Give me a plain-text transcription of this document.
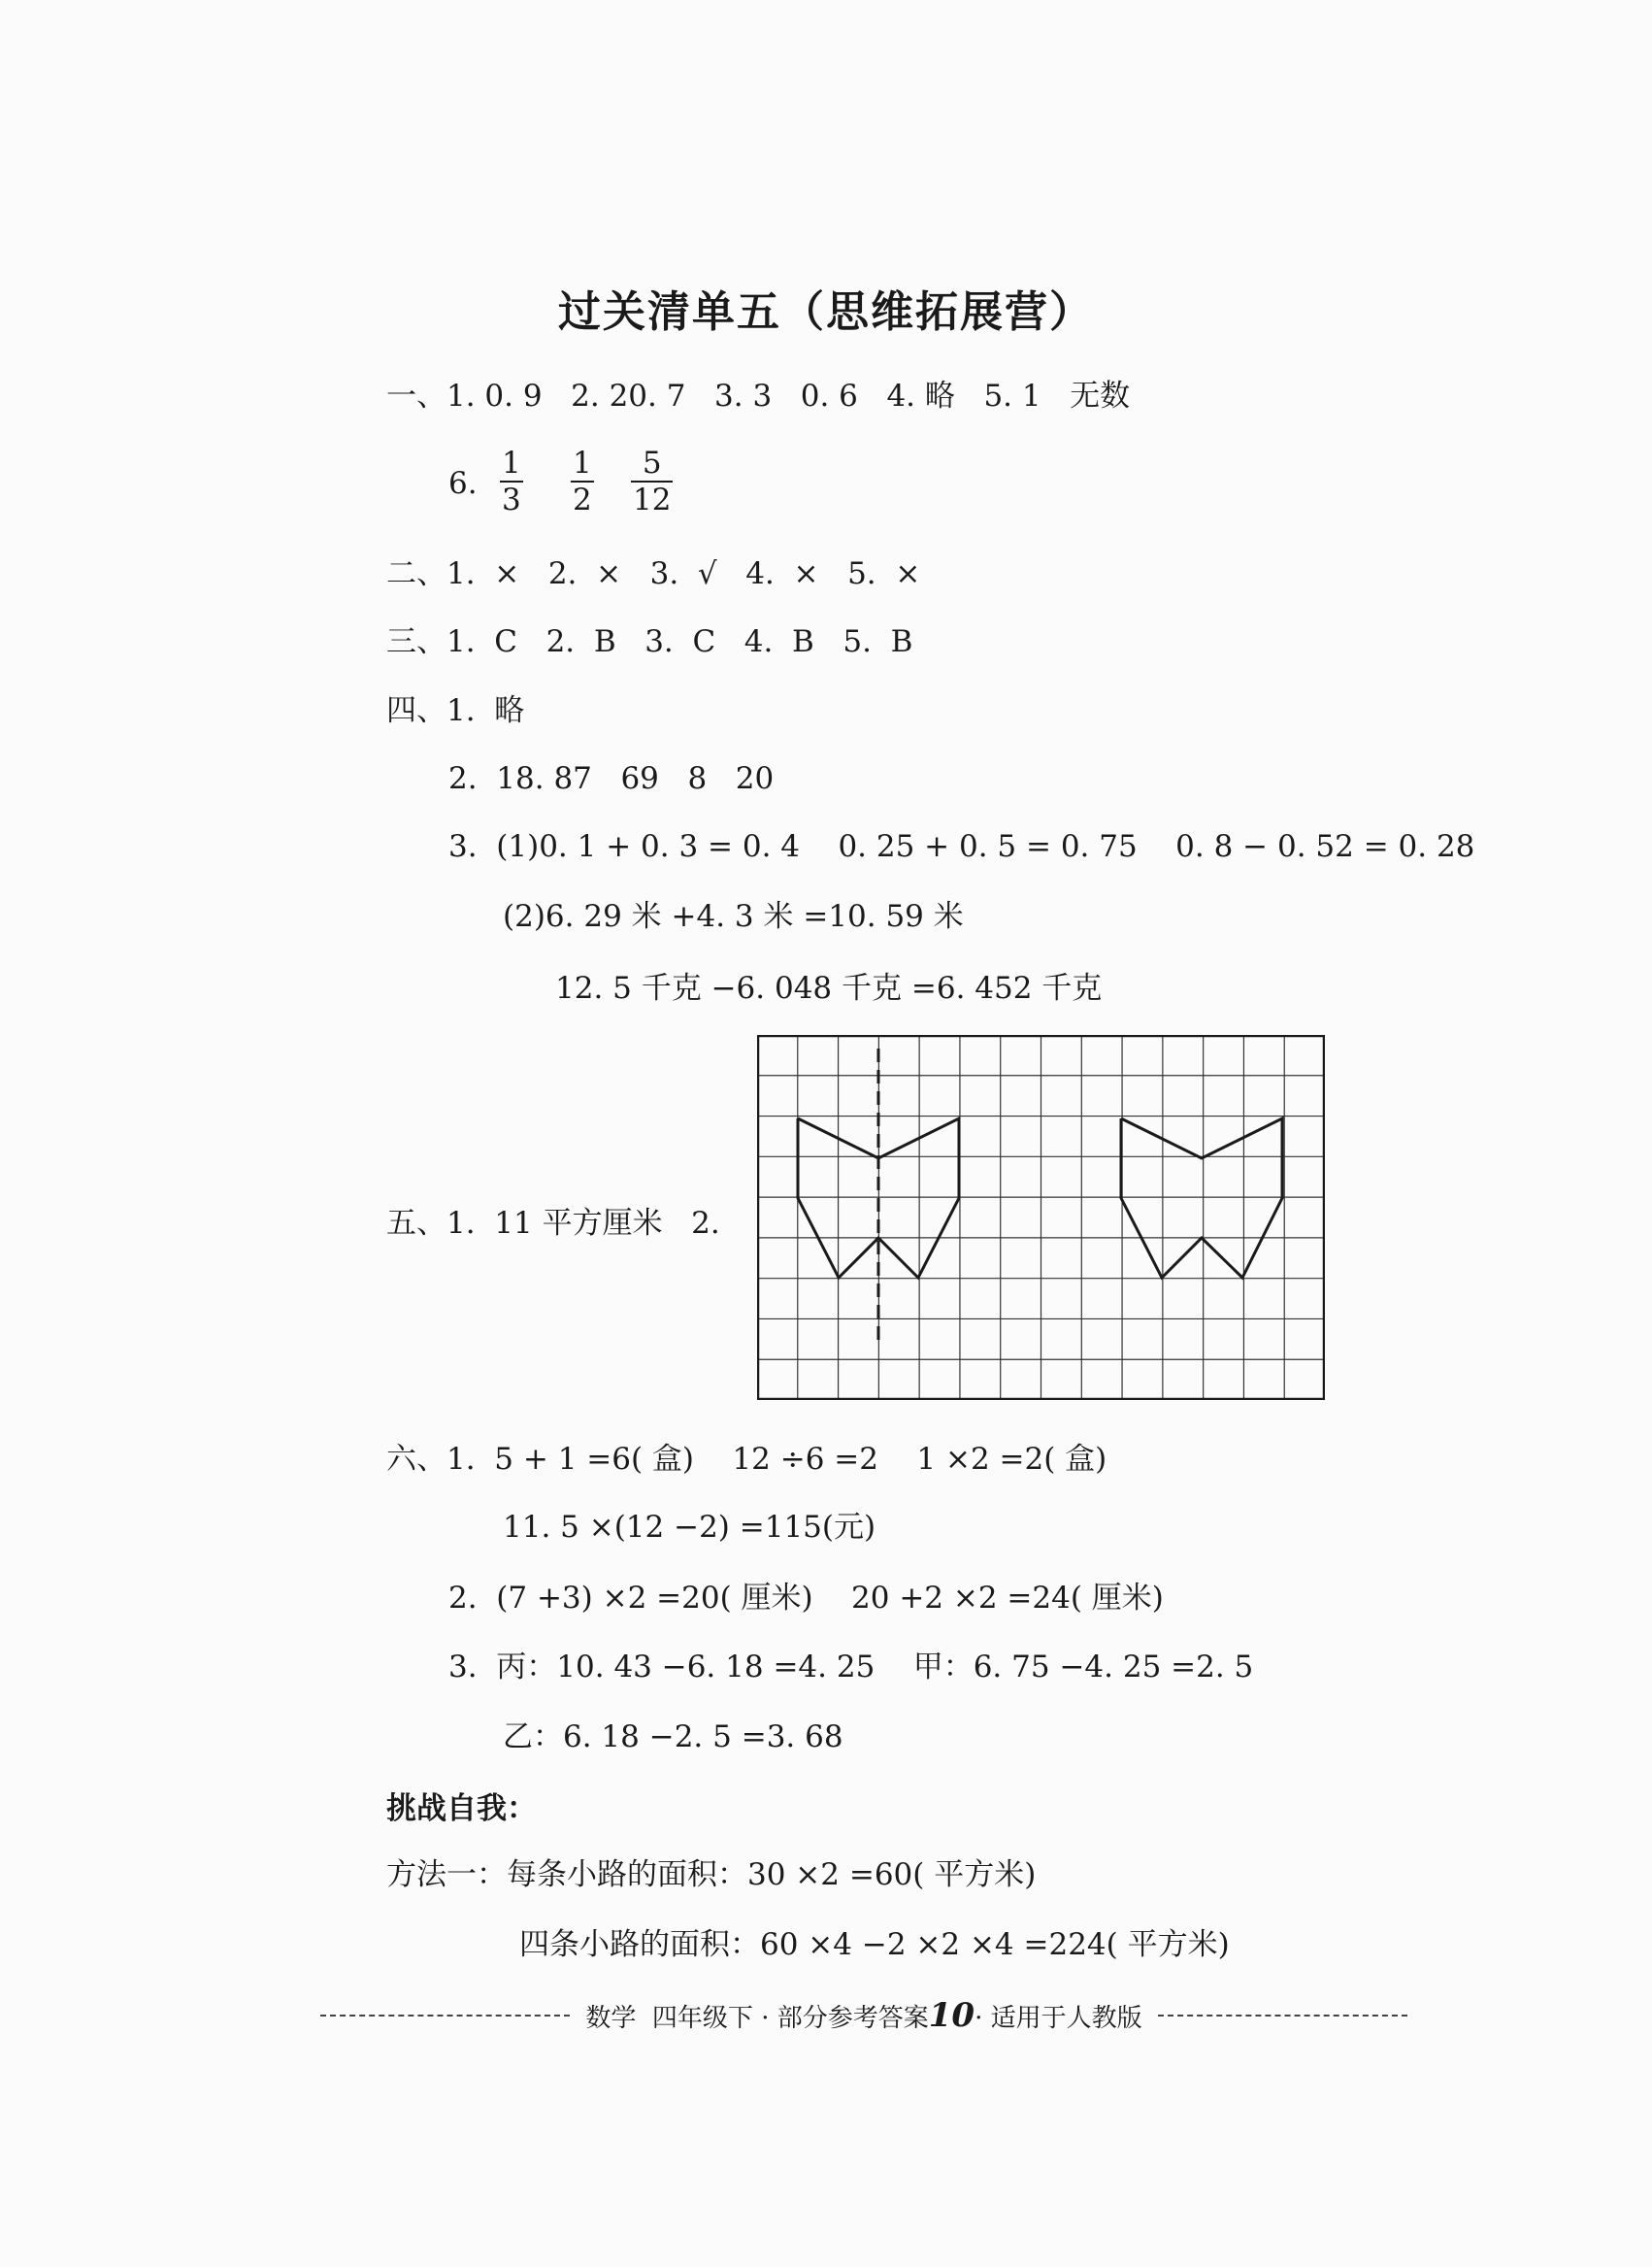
过关清单五（思维拓展营）
一、1. 0. 9   2. 20. 7   3. 3   0. 6   4. 略   5. 1   无数
6.
1
3
1
2
5
12
二、1.  ×   2.  ×   3.  √   4.  ×   5.  ×
三、1.  C   2.  B   3.  C   4.  B   5.  B
四、1.  略
2.  18. 87   69   8   20
3.  (1)0. 1 + 0. 3 = 0. 4    0. 25 + 0. 5 = 0. 75    0. 8 − 0. 52 = 0. 28
(2)6. 29 米 +4. 3 米 =10. 59 米
12. 5 千克 −6. 048 千克 =6. 452 千克
五、1.  11 平方厘米   2.
六、1.  5 + 1 =6( 盒)    12 ÷6 =2    1 ×2 =2( 盒)
11. 5 ×(12 −2) =115(元)
2.  (7 +3) ×2 =20( 厘米)    20 +2 ×2 =24( 厘米)
3.  丙：10. 43 −6. 18 =4. 25    甲：6. 75 −4. 25 =2. 5
乙：6. 18 −2. 5 =3. 68
挑战自我：
方法一：每条小路的面积：30 ×2 =60( 平方米)
四条小路的面积：60 ×4 −2 ×2 ×4 =224( 平方米)
数学  四年级下 · 部分参考答案10· 适用于人教版
